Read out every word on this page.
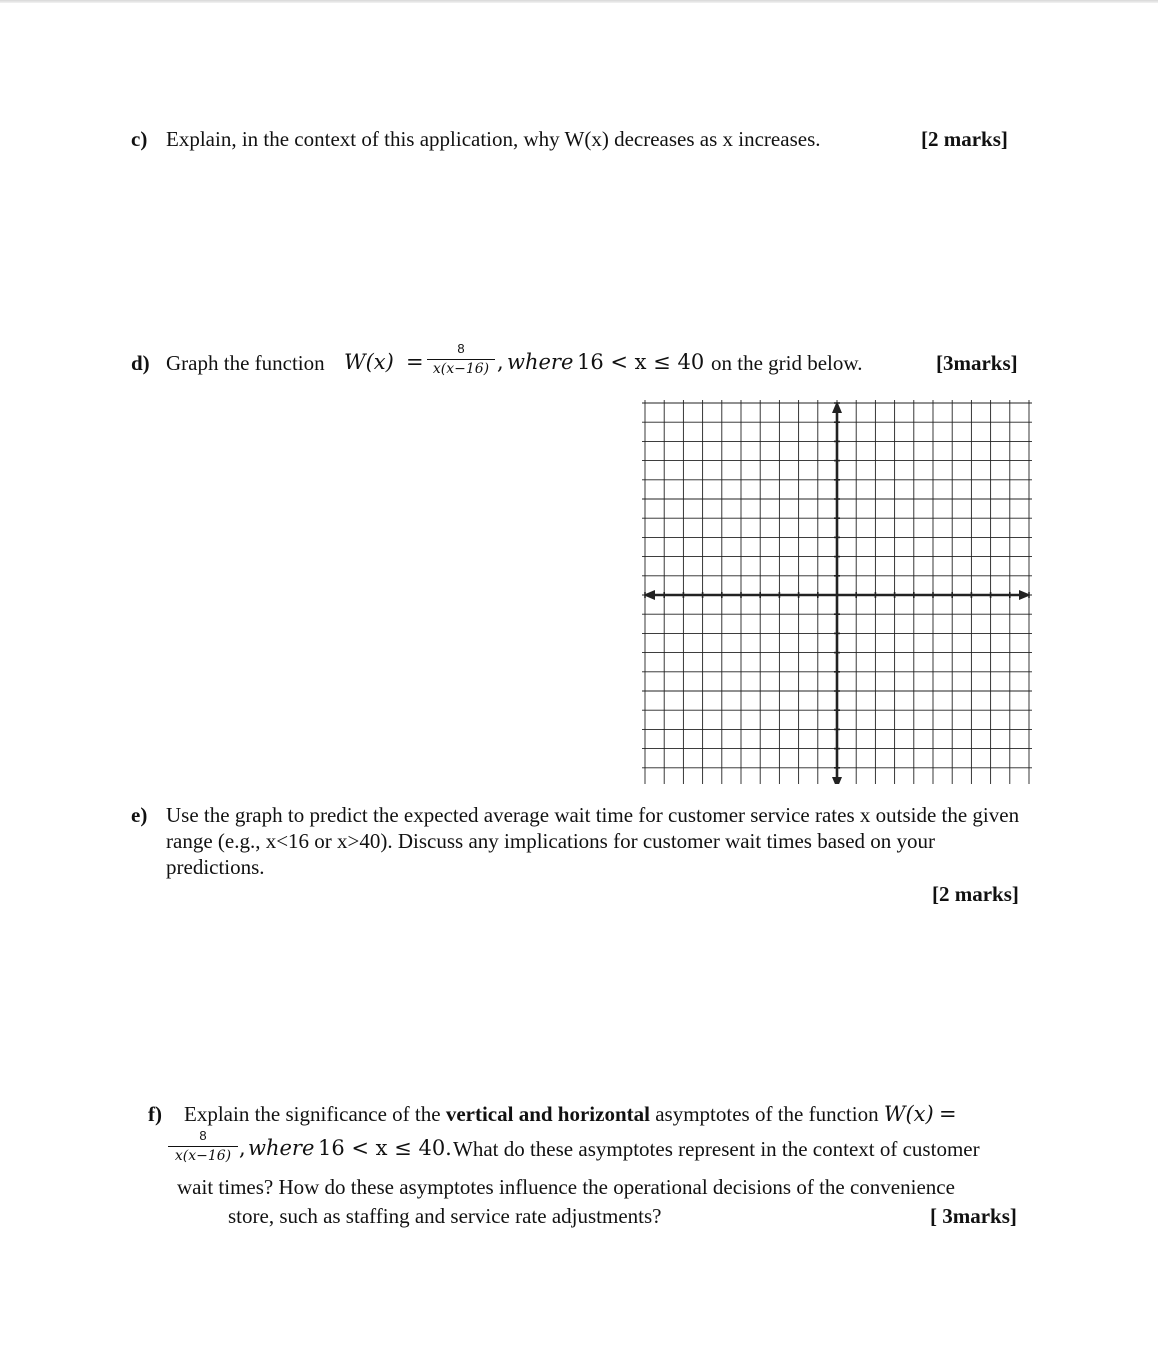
c) Explain, in the context of this application, why W(x) decreases as x increases.	[2 marks]
d) Graph the function W(x) =
8
x(x−16) , where 16 < x ≤ 40 on the grid below.	[3marks]
e) Use the graph to predict the expected average wait time for customer service rates x outside the given
range (e.g., x<16 or x>40). Discuss any implications for customer wait times based on your
predictions.
[2 marks]
f) Explain the significance of the vertical and horizontal asymptotes of the function W(x) =
8
x(x−16) , where 16 < x ≤ 40. What do these asymptotes represent in the context of customer
wait times? How do these asymptotes influence the operational decisions of the convenience
store, such as staffing and service rate adjustments?	[ 3marks]
